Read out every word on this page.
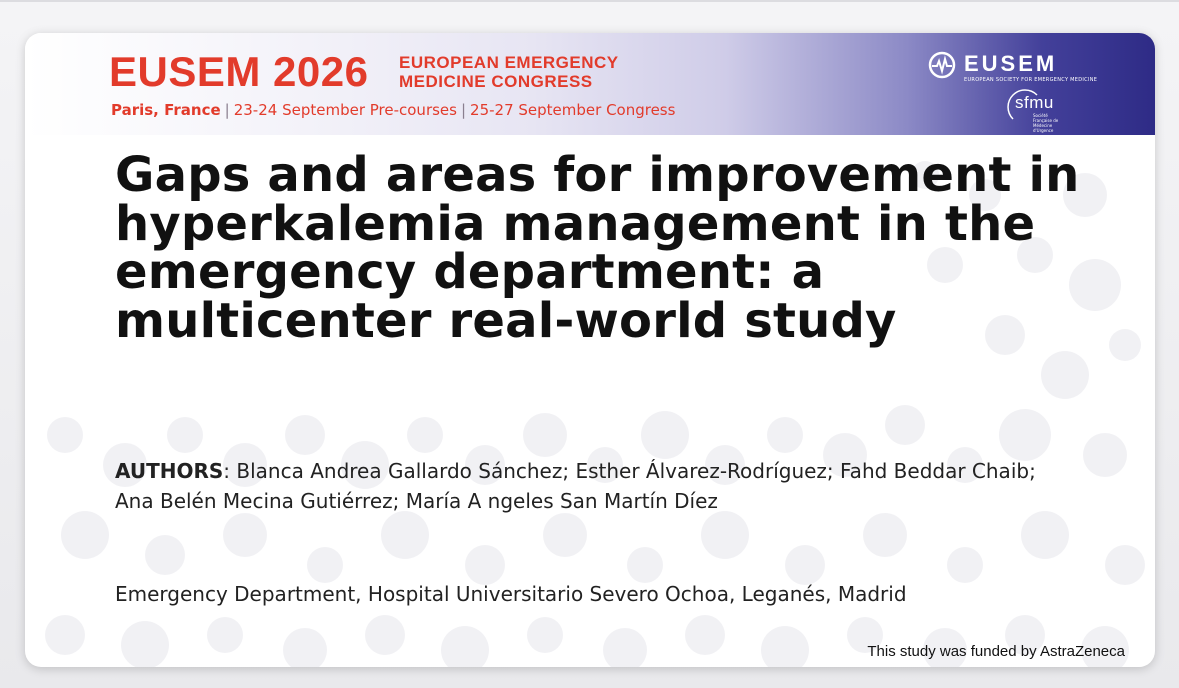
EUSEM 2026 EUROPEAN EMERGENCY
MEDICINE CONGRESS
Paris, France | 23-24 September Pre-courses | 25-27 September Congress
EUSEM
EUROPEAN SOCIETY FOR EMERGENCY MEDICINE
sfmu
Société Française de Médecine d'Urgence
Gaps and areas for improvement in hyperkalemia management in the emergency department: a multicenter real-world study
AUTHORS: Blanca Andrea Gallardo Sánchez; Esther Álvarez-Rodríguez; Fahd Beddar Chaib; Ana Belén Mecina Gutiérrez; María A ngeles San Martín Díez
Emergency Department, Hospital Universitario Severo Ochoa, Leganés, Madrid
This study was funded by AstraZeneca
